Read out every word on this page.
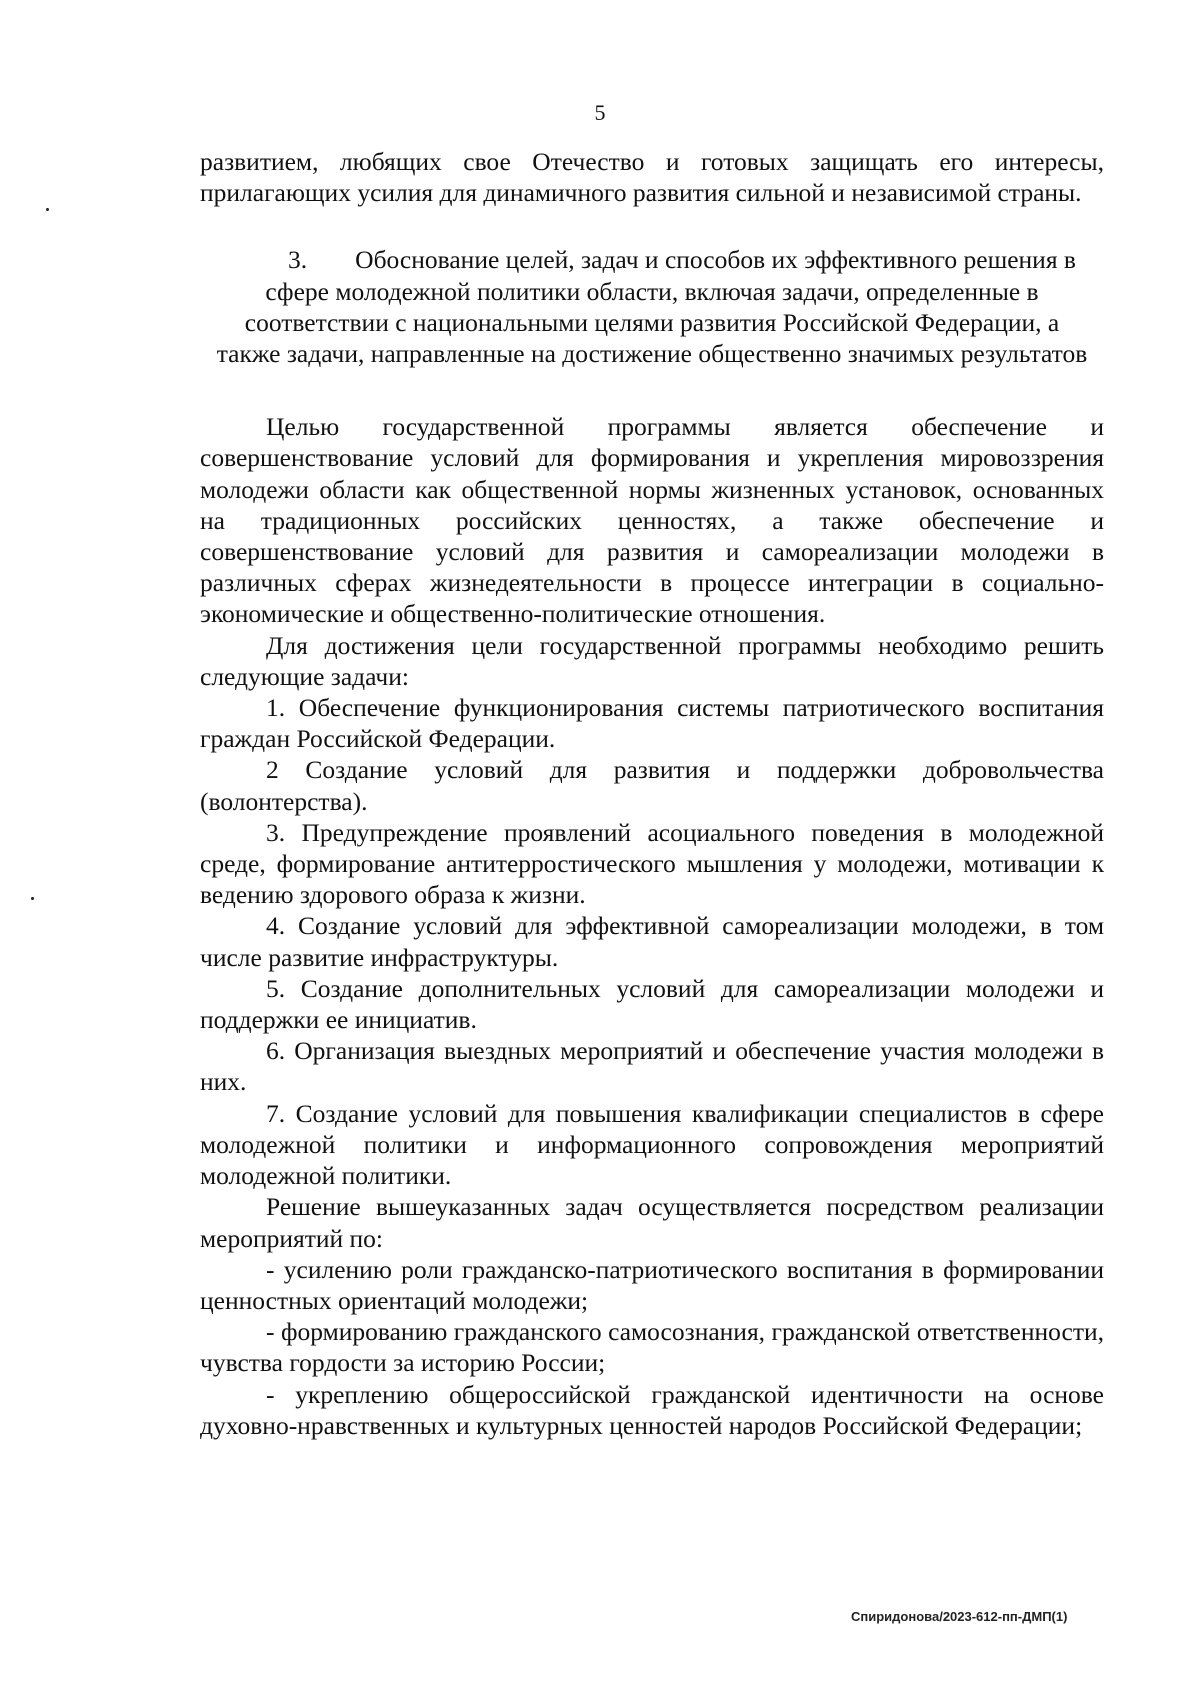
5

развитием, любящих свое Отечество и готовых защищать его интересы, прилагающих усилия для динамичного развития сильной и независимой страны.

3. Обоснование целей, задач и способов их эффективного решения в сфере молодежной политики области, включая задачи, определенные в соответствии с национальными целями развития Российской Федерации, а также задачи, направленные на достижение общественно значимых результатов

Целью государственной программы является обеспечение и совершенствование условий для формирования и укрепления мировоззрения молодежи области как общественной нормы жизненных установок, основанных на традиционных российских ценностях, а также обеспечение и совершенствование условий для развития и самореализации молодежи в различных сферах жизнедеятельности в процессе интеграции в социально-экономические и общественно-политические отношения.

Для достижения цели государственной программы необходимо решить следующие задачи:

1. Обеспечение функционирования системы патриотического воспитания граждан Российской Федерации.

2 Создание условий для развития и поддержки добровольчества (волонтерства).

3. Предупреждение проявлений асоциального поведения в молодежной среде, формирование антитерростического мышления у молодежи, мотивации к ведению здорового образа к жизни.

4. Создание условий для эффективной самореализации молодежи, в том числе развитие инфраструктуры.

5. Создание дополнительных условий для самореализации молодежи и поддержки ее инициатив.

6. Организация выездных мероприятий и обеспечение участия молодежи в них.

7. Создание условий для повышения квалификации специалистов в сфере молодежной политики и информационного сопровождения мероприятий молодежной политики.

Решение вышеуказанных задач осуществляется посредством реализации мероприятий по:

- усилению роли гражданско-патриотического воспитания в формировании ценностных ориентаций молодежи;

- формированию гражданского самосознания, гражданской ответственности, чувства гордости за историю России;

- укреплению общероссийской гражданской идентичности на основе духовно-нравственных и культурных ценностей народов Российской Федерации;

Спиридонова/2023-612-пп-ДМП(1)
